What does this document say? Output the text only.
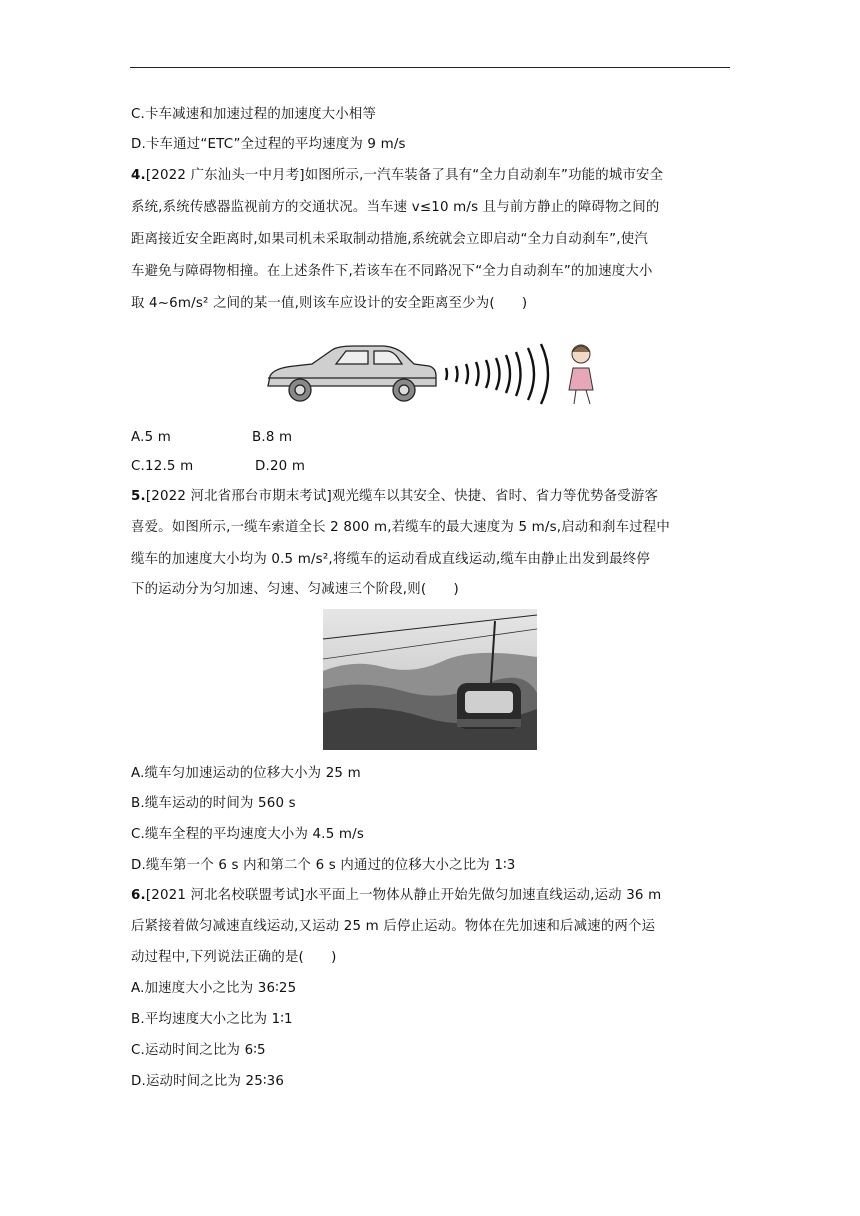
C.卡车减速和加速过程的加速度大小相等
D.卡车通过“ETC”全过程的平均速度为 9 m/s
4.[2022 广东汕头一中月考]如图所示,一汽车装备了具有“全力自动刹车”功能的城市安全
系统,系统传感器监视前方的交通状况。当车速 v≤10 m/s 且与前方静止的障碍物之间的
距离接近安全距离时,如果司机未采取制动措施,系统就会立即启动“全力自动刹车”,使汽
车避免与障碍物相撞。在上述条件下,若该车在不同路况下“全力自动刹车”的加速度大小
取 4~6m/s² 之间的某一值,则该车应设计的安全距离至少为(　　)
A.5 m	B.8 m
C.12.5 m	D.20 m
5.[2022 河北省邢台市期末考试]观光缆车以其安全、快捷、省时、省力等优势备受游客
喜爱。如图所示,一缆车索道全长 2 800 m,若缆车的最大速度为 5 m/s,启动和刹车过程中
缆车的加速度大小均为 0.5 m/s²,将缆车的运动看成直线运动,缆车由静止出发到最终停
下的运动分为匀加速、匀速、匀减速三个阶段,则(　　)
A.缆车匀加速运动的位移大小为 25 m
B.缆车运动的时间为 560 s
C.缆车全程的平均速度大小为 4.5 m/s
D.缆车第一个 6 s 内和第二个 6 s 内通过的位移大小之比为 1∶3
6.[2021 河北名校联盟考试]水平面上一物体从静止开始先做匀加速直线运动,运动 36 m
后紧接着做匀减速直线运动,又运动 25 m 后停止运动。物体在先加速和后减速的两个运
动过程中,下列说法正确的是(　　)
A.加速度大小之比为 36∶25
B.平均速度大小之比为 1∶1
C.运动时间之比为 6∶5
D.运动时间之比为 25∶36
